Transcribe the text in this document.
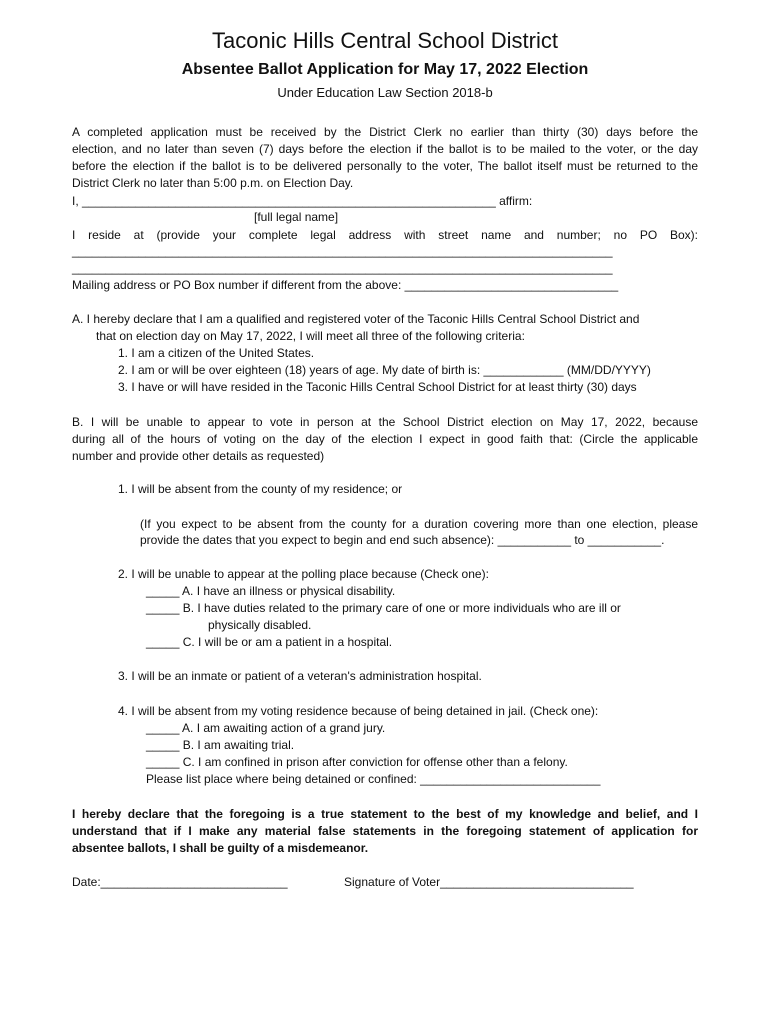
Taconic Hills Central School District
Absentee Ballot Application for May 17, 2022 Election
Under Education Law Section 2018-b
A completed application must be received by the District Clerk no earlier than thirty (30) days before the
election, and no later than seven (7) days before the election if the ballot is to be mailed to the voter, or the day
before the election if the ballot is to be delivered personally to the voter, The ballot itself must be returned to the
District Clerk no later than 5:00 p.m. on Election Day.
I, ______________________________________________________________ affirm:
[full legal name]
I reside at (provide your complete legal address with street name and number; no PO Box):
_________________________________________________________________________________
_________________________________________________________________________________
Mailing address or PO Box number if different from the above: ________________________________
A. I hereby declare that I am a qualified and registered voter of the Taconic Hills Central School District and
that on election day on May 17, 2022, I will meet all three of the following criteria:
1. I am a citizen of the United States.
2. I am or will be over eighteen (18) years of age. My date of birth is: ____________ (MM/DD/YYYY)
3. I have or will have resided in the Taconic Hills Central School District for at least thirty (30) days
B. I will be unable to appear to vote in person at the School District election on May 17, 2022, because
during all of the hours of voting on the day of the election I expect in good faith that: (Circle the applicable
number and provide other details as requested)
1. I will be absent from the county of my residence; or
(If you expect to be absent from the county for a duration covering more than one election, please
provide the dates that you expect to begin and end such absence): ___________ to ___________.
2. I will be unable to appear at the polling place because (Check one):
_____ A. I have an illness or physical disability.
_____ B. I have duties related to the primary care of one or more individuals who are ill or
physically disabled.
_____ C. I will be or am a patient in a hospital.
3. I will be an inmate or patient of a veteran's administration hospital.
4. I will be absent from my voting residence because of being detained in jail. (Check one):
_____ A. I am awaiting action of a grand jury.
_____ B. I am awaiting trial.
_____ C. I am confined in prison after conviction for offense other than a felony.
Please list place where being detained or confined: ___________________________
I hereby declare that the foregoing is a true statement to the best of my knowledge and belief, and I
understand that if I make any material false statements in the foregoing statement of application for
absentee ballots, I shall be guilty of a misdemeanor.
Date:____________________________	Signature of Voter_____________________________
